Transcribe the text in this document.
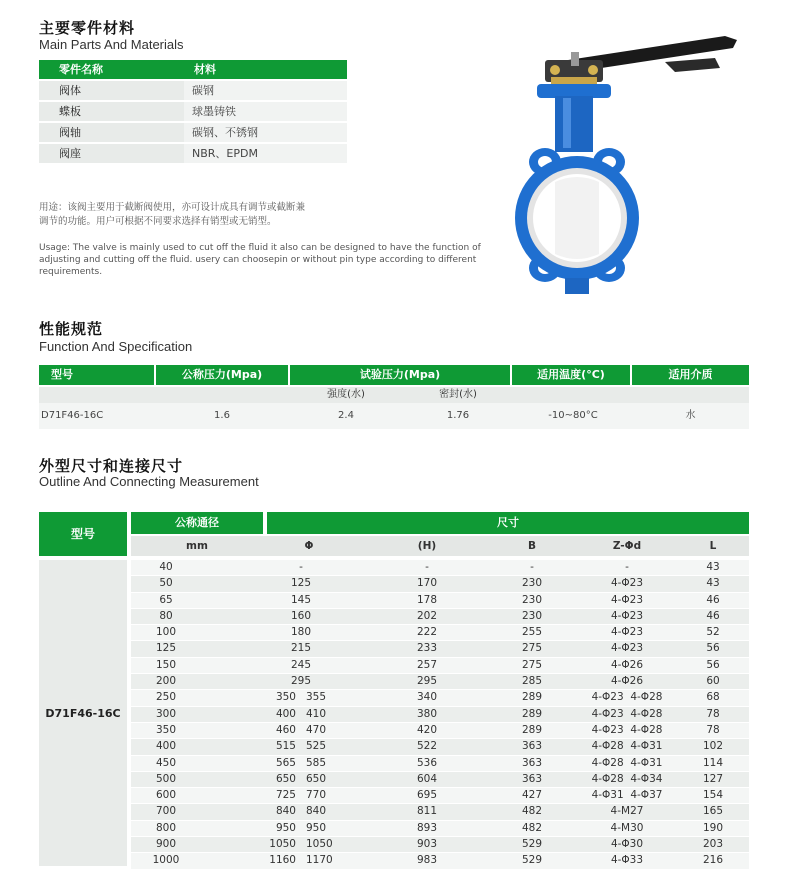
主要零件材料
Main Parts And Materials
零件名称	材料
阀体	碳钢
蝶板	球墨铸铁
阀轴	碳钢、不锈钢
阀座	NBR、EPDM
用途：该阀主要用于截断阀使用，亦可设计成具有调节或截断兼
调节的功能。用户可根据不同要求选择有销型或无销型。
Usage: The valve is mainly used to cut off the fluid it also can be designed to have the function of
adjusting and cutting off the fluid. usery can choosepin or without pin type according to different
requirements.
性能规范
Function And Specification
型号	公称压力(Mpa)	试验压力(Mpa)	适用温度(°C)	适用介质
强度(水)	密封(水)
D71F46-16C	1.6	2.4	1.76	-10~80°C	水
外型尺寸和连接尺寸
Outline And Connecting Measurement
型号
公称通径	尺寸
mm	Φ	(H)	B	Z-Φd	L
D71F46-16C
40	-	-	-	-	43
50	125	170	230	4-Φ23	43
65	145	178	230	4-Φ23	46
80	160	202	230	4-Φ23	46
100	180	222	255	4-Φ23	52
125	215	233	275	4-Φ23	56
150	245	257	275	4-Φ26	56
200	295	295	285	4-Φ26	60
250	350   355	340	289	4-Φ23  4-Φ28	68
300	400   410	380	289	4-Φ23  4-Φ28	78
350	460   470	420	289	4-Φ23  4-Φ28	78
400	515   525	522	363	4-Φ28  4-Φ31	102
450	565   585	536	363	4-Φ28  4-Φ31	114
500	650   650	604	363	4-Φ28  4-Φ34	127
600	725   770	695	427	4-Φ31  4-Φ37	154
700	840   840	811	482	4-M27	165
800	950   950	893	482	4-M30	190
900	1050   1050	903	529	4-Φ30	203
1000	1160   1170	983	529	4-Φ33	216
